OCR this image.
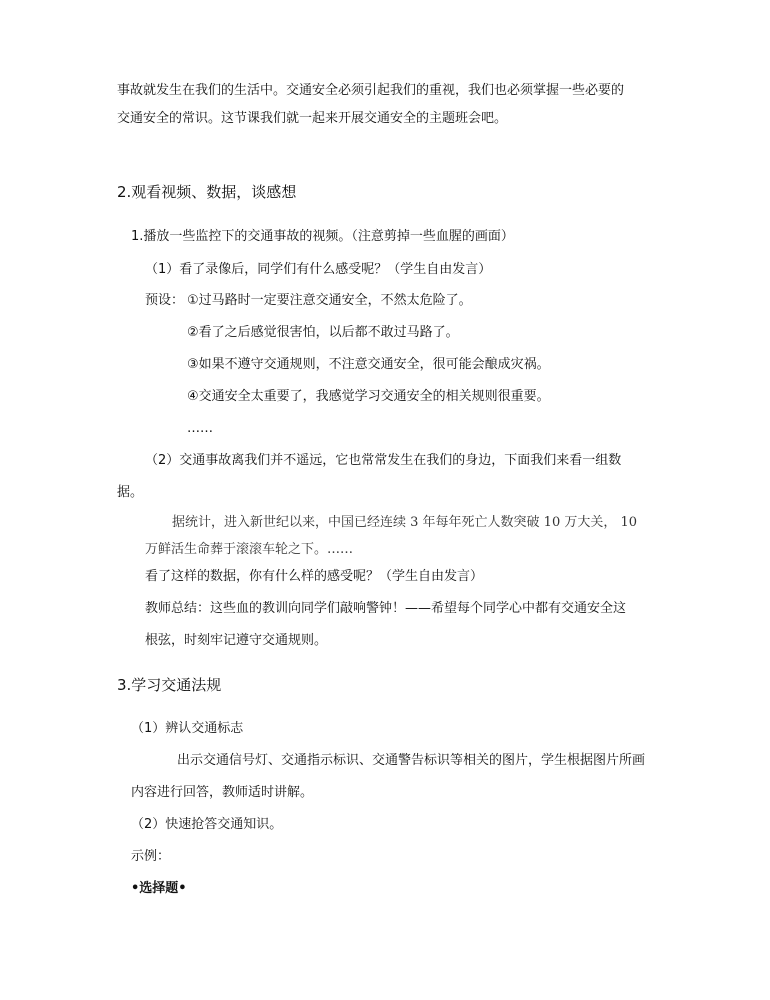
事故就发生在我们的生活中。交通安全必须引起我们的重视，我们也必须掌握一些必要的
交通安全的常识。这节课我们就一起来开展交通安全的主题班会吧。
2.观看视频、数据，谈感想
1.播放一些监控下的交通事故的视频。（注意剪掉一些血腥的画面）
（1）看了录像后，同学们有什么感受呢？（学生自由发言）
预设： ①过马路时一定要注意交通安全，不然太危险了。
②看了之后感觉很害怕，以后都不敢过马路了。
③如果不遵守交通规则，不注意交通安全，很可能会酿成灾祸。
④交通安全太重要了，我感觉学习交通安全的相关规则很重要。
……
（2）交通事故离我们并不遥远，它也常常发生在我们的身边，下面我们来看一组数
据。
据统计，进入新世纪以来，中国已经连续 3 年每年死亡人数突破 10 万大关， 10
万鲜活生命葬于滚滚车轮之下。……
看了这样的数据，你有什么样的感受呢？（学生自由发言）
教师总结：这些血的教训向同学们敲响警钟！——希望每个同学心中都有交通安全这
根弦，时刻牢记遵守交通规则。
3.学习交通法规
（1）辨认交通标志
出示交通信号灯、交通指示标识、交通警告标识等相关的图片，学生根据图片所画
内容进行回答，教师适时讲解。
（2）快速抢答交通知识。
示例：
•选择题•
